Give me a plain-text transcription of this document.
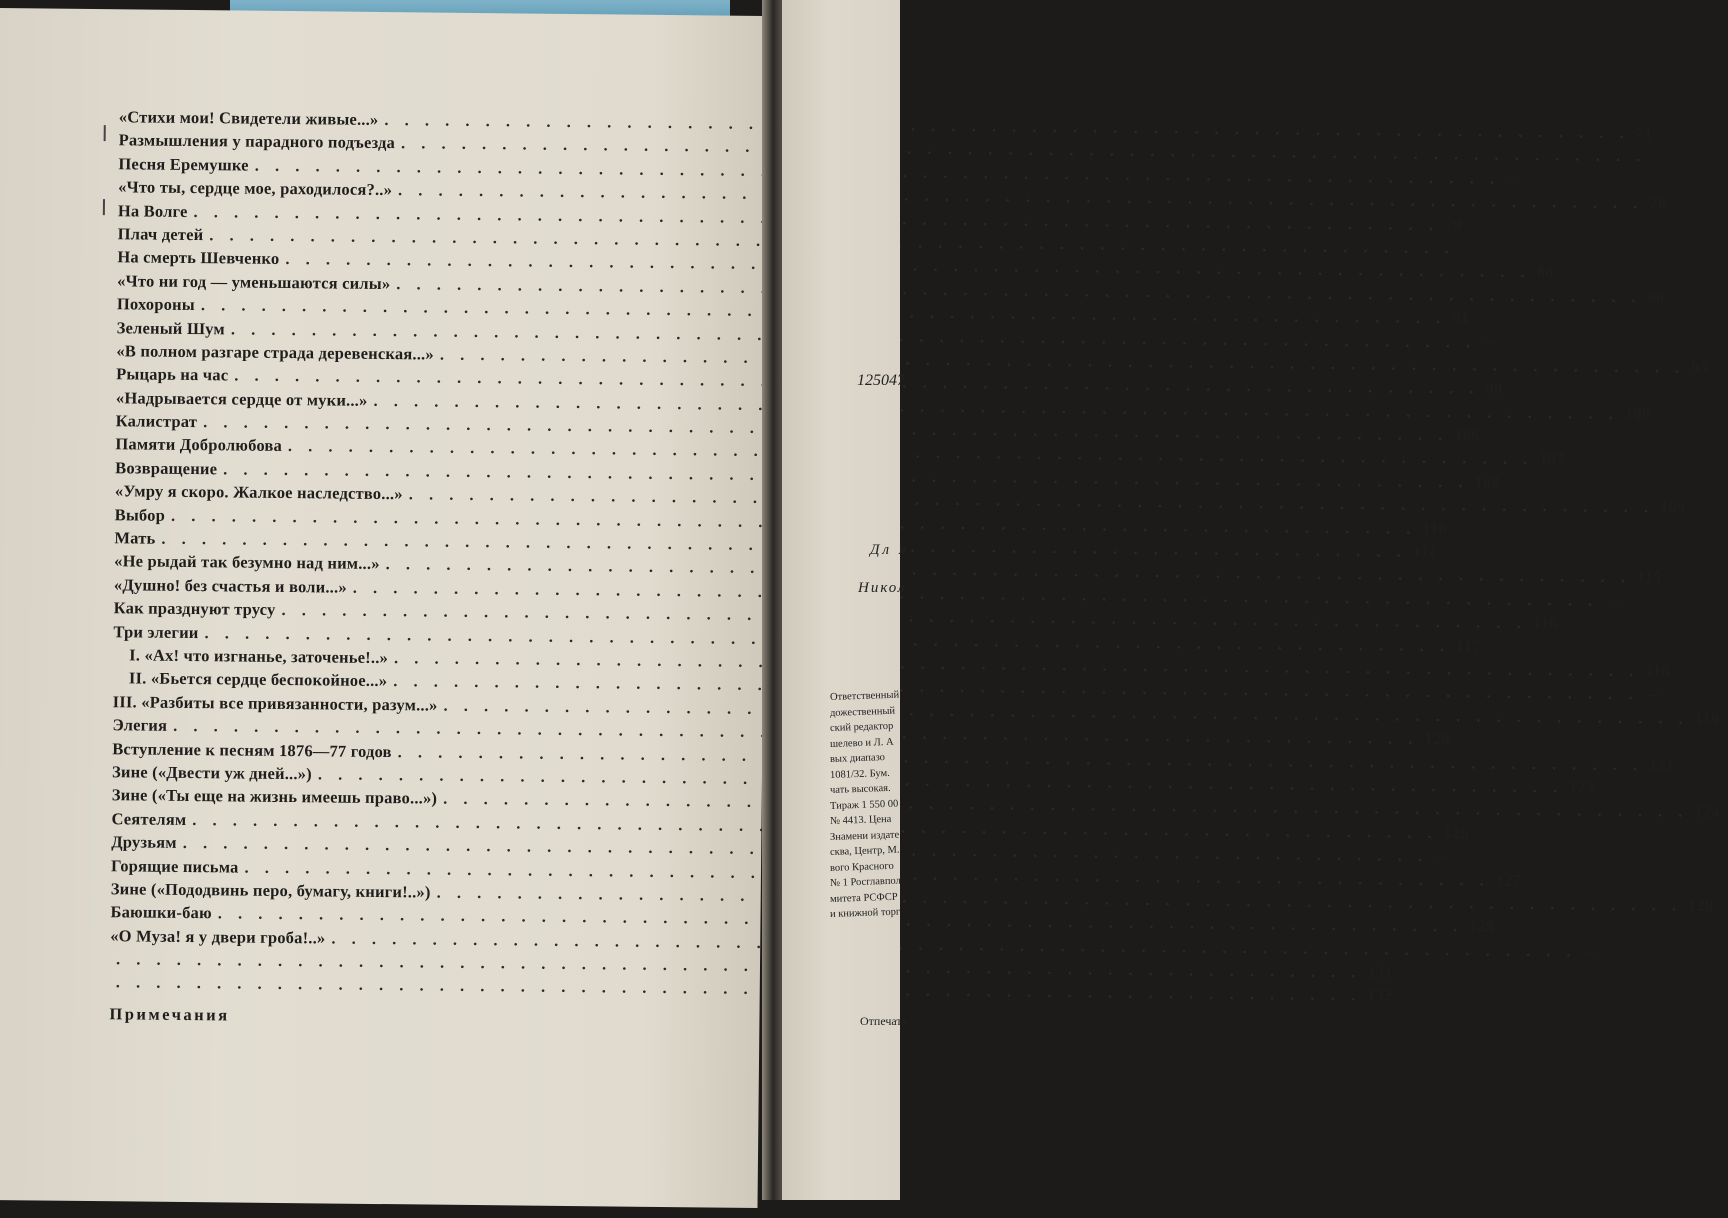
«Стихи мои! Свидетели живые...»
. . .
71
Размышления у парадного подъезда
. . .
Песня Еремушке
. . .
—
«Что ты, сердце мое, раходилося?..»
. . .
76
На Волге
. . .
79
Плач детей
. . .
На смерть Шевченко
. . .
88
«Что ни год — уменьшаются силы»
. . .
90
Похороны
. . .
91
Зеленый Шум
. . .
—
«В полном разгаре страда деревенская...»
. . .
95
Рыцарь на час
. . .
98
«Надрывается сердце от муки...»
. . .
100
Калистрат
. . .
106
Памяти Добролюбова
. . .
107
Возвращение
. . .
108
«Умру я скоро. Жалкое наследство...»
. . .
109
Выбор
. . .
110
Мать
. . .
111
«Не рыдай так безумно над ним...»
. . .
115
«Душно! без счастья и воли...»
. . .
—
Как празднуют трусу
. . .
116
Три элегии
. . .
117
I. «Ах! что изгнанье, заточенье!..»
. . .
118
II. «Бьется сердце беспокойное...»
. . .
—
III. «Разбиты все привязанности, разум...»
. . .
119
Элегия
. . .
120
Вступление к песням 1876—77 годов
. . .
121
Зине («Двести уж дней...»)
. . .
123
Зине («Ты еще на жизнь имеешь право...»)
. . .
124
Сеятелям
. . .
126
Друзьям
. . .
—
Горящие письма
. . .
127
Зине («Пододвинь перо, бумагу, книги!..»)
. . .
128
Баюшки-баю
. . .
129
«О Муза! я у двери гроба!..»
. . .
—
. . .
131
. . .
132
Примечания
125047
Дл я
Никол
Ответственный
дожественный
ский редактор
шелево и Л. А
вых диапазо
1081/32. Бум.
чать высокая.
Тираж 1 550 00
№ 4413. Цена
Знамени издате
сква, Центр, М.
вого Красного
№ 1 Росглавпол
митета РСФСР
и книжной торг
Отпечата
